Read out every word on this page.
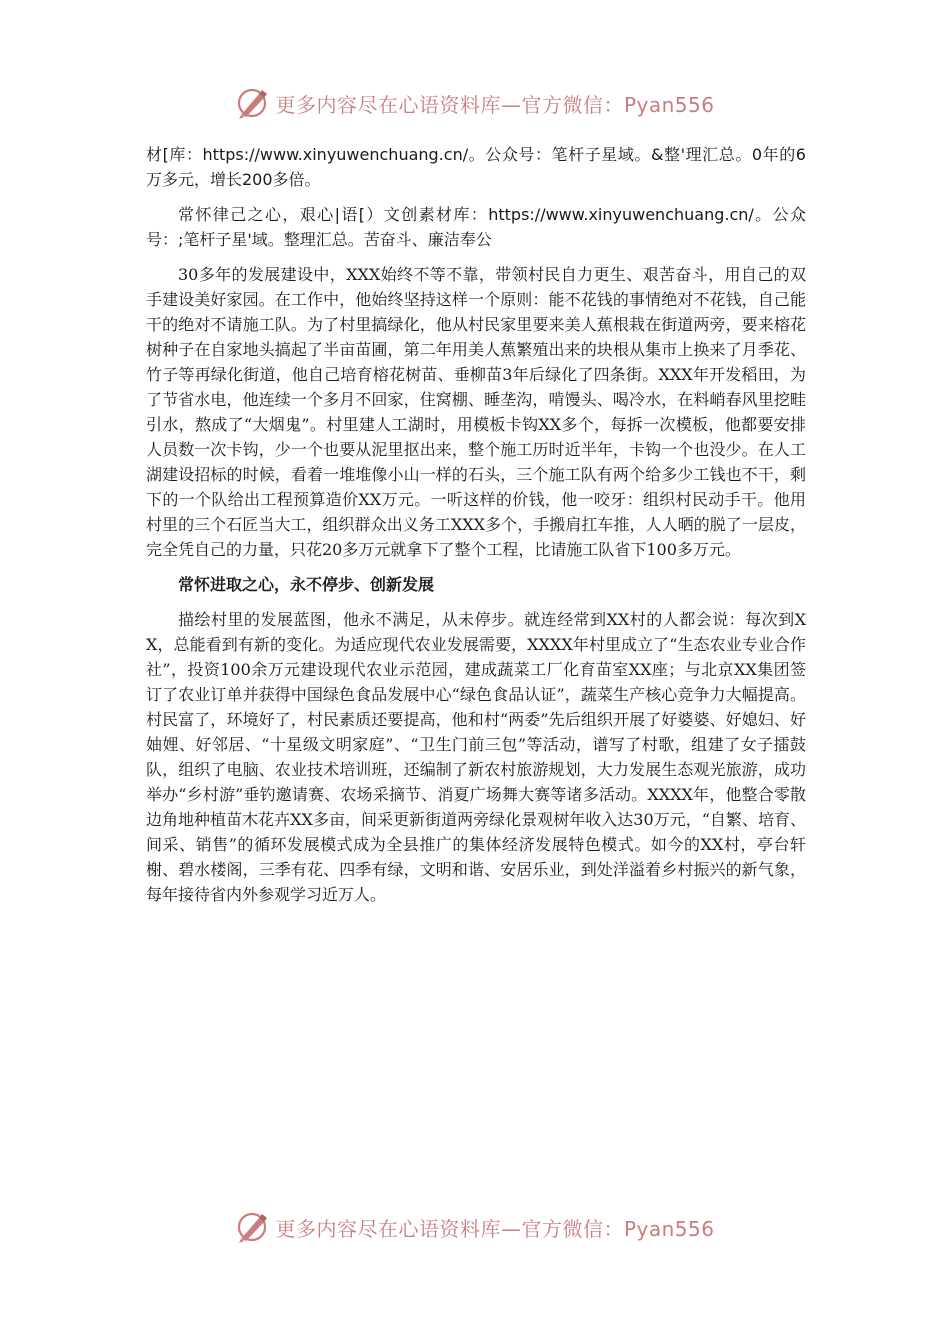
更多内容尽在心语资料库—官方微信：Pyan556

材[库：https://www.xinyuwenchuang.cn/。公众号：笔杆子星域。&整'理汇总。0年的6万多元，增长200多倍。

常怀律己之心，艰心|语[）文创素材库：https://www.xinyuwenchuang.cn/。公众号：;笔杆子星'域。整理汇总。苦奋斗、廉洁奉公

30多年的发展建设中，XXX始终不等不靠，带领村民自力更生、艰苦奋斗，用自己的双手建设美好家园。在工作中，他始终坚持这样一个原则：能不花钱的事情绝对不花钱，自己能干的绝对不请施工队。为了村里搞绿化，他从村民家里要来美人蕉根栽在街道两旁，要来榕花树种子在自家地头搞起了半亩苗圃，第二年用美人蕉繁殖出来的块根从集市上换来了月季花、竹子等再绿化街道，他自己培育榕花树苗、垂柳苗3年后绿化了四条街。XXX年开发稻田，为了节省水电，他连续一个多月不回家，住窝棚、睡垄沟，啃馒头、喝冷水，在料峭春风里挖畦引水，熬成了“大烟鬼”。村里建人工湖时，用模板卡钩XX多个，每拆一次模板，他都要安排人员数一次卡钩，少一个也要从泥里抠出来，整个施工历时近半年，卡钩一个也没少。在人工湖建设招标的时候，看着一堆堆像小山一样的石头，三个施工队有两个给多少工钱也不干，剩下的一个队给出工程预算造价XX万元。一听这样的价钱，他一咬牙：组织村民动手干。他用村里的三个石匠当大工，组织群众出义务工XXX多个，手搬肩扛车推，人人晒的脱了一层皮，完全凭自己的力量，只花20多万元就拿下了整个工程，比请施工队省下100多万元。

常怀进取之心，永不停步、创新发展

描绘村里的发展蓝图，他永不满足，从未停步。就连经常到XX村的人都会说：每次到XX，总能看到有新的变化。为适应现代农业发展需要，XXXX年村里成立了“生态农业专业合作社”，投资100余万元建设现代农业示范园，建成蔬菜工厂化育苗室XX座；与北京XX集团签订了农业订单并获得中国绿色食品发展中心“绿色食品认证”，蔬菜生产核心竞争力大幅提高。村民富了，环境好了，村民素质还要提高，他和村“两委”先后组织开展了好婆婆、好媳妇、好妯娌、好邻居、“十星级文明家庭”、“卫生门前三包”等活动，谱写了村歌，组建了女子擂鼓队，组织了电脑、农业技术培训班，还编制了新农村旅游规划，大力发展生态观光旅游，成功举办“乡村游”垂钓邀请赛、农场采摘节、消夏广场舞大赛等诸多活动。XXXX年，他整合零散边角地种植苗木花卉XX多亩，间采更新街道两旁绿化景观树年收入达30万元，“自繁、培育、间采、销售”的循环发展模式成为全县推广的集体经济发展特色模式。如今的XX村，亭台轩榭、碧水楼阁，三季有花、四季有绿，文明和谐、安居乐业，到处洋溢着乡村振兴的新气象，每年接待省内外参观学习近万人。

更多内容尽在心语资料库—官方微信：Pyan556
